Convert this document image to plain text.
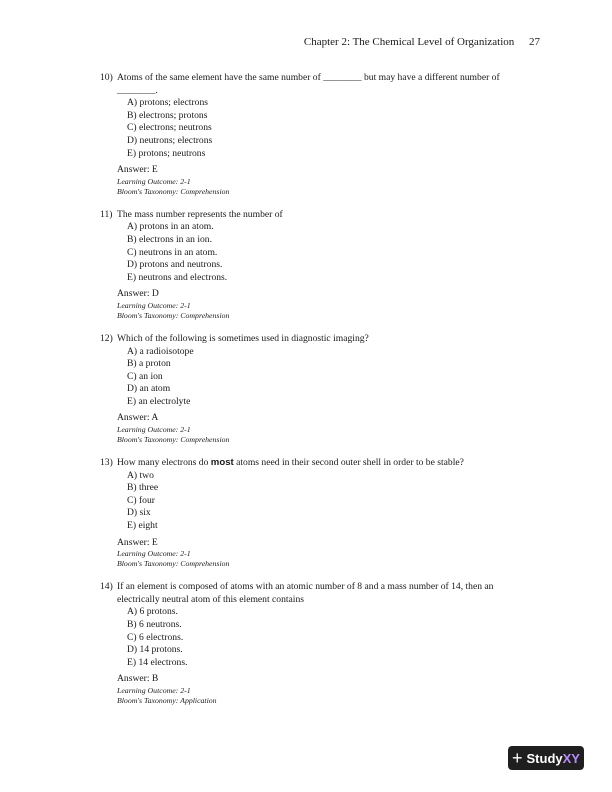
Chapter 2: The Chemical Level of Organization 27
10) Atoms of the same element have the same number of ________ but may have a different number of ________.
A) protons; electrons
B) electrons; protons
C) electrons; neutrons
D) neutrons; electrons
E) protons; neutrons
Answer: E
Learning Outcome: 2-1
Bloom's Taxonomy: Comprehension
11) The mass number represents the number of
A) protons in an atom.
B) electrons in an ion.
C) neutrons in an atom.
D) protons and neutrons.
E) neutrons and electrons.
Answer: D
Learning Outcome: 2-1
Bloom's Taxonomy: Comprehension
12) Which of the following is sometimes used in diagnostic imaging?
A) a radioisotope
B) a proton
C) an ion
D) an atom
E) an electrolyte
Answer: A
Learning Outcome: 2-1
Bloom's Taxonomy: Comprehension
13) How many electrons do most atoms need in their second outer shell in order to be stable?
A) two
B) three
C) four
D) six
E) eight
Answer: E
Learning Outcome: 2-1
Bloom's Taxonomy: Comprehension
14) If an element is composed of atoms with an atomic number of 8 and a mass number of 14, then an electrically neutral atom of this element contains
A) 6 protons.
B) 6 neutrons.
C) 6 electrons.
D) 14 protons.
E) 14 electrons.
Answer: B
Learning Outcome: 2-1
Bloom's Taxonomy: Application
+ Study XY
